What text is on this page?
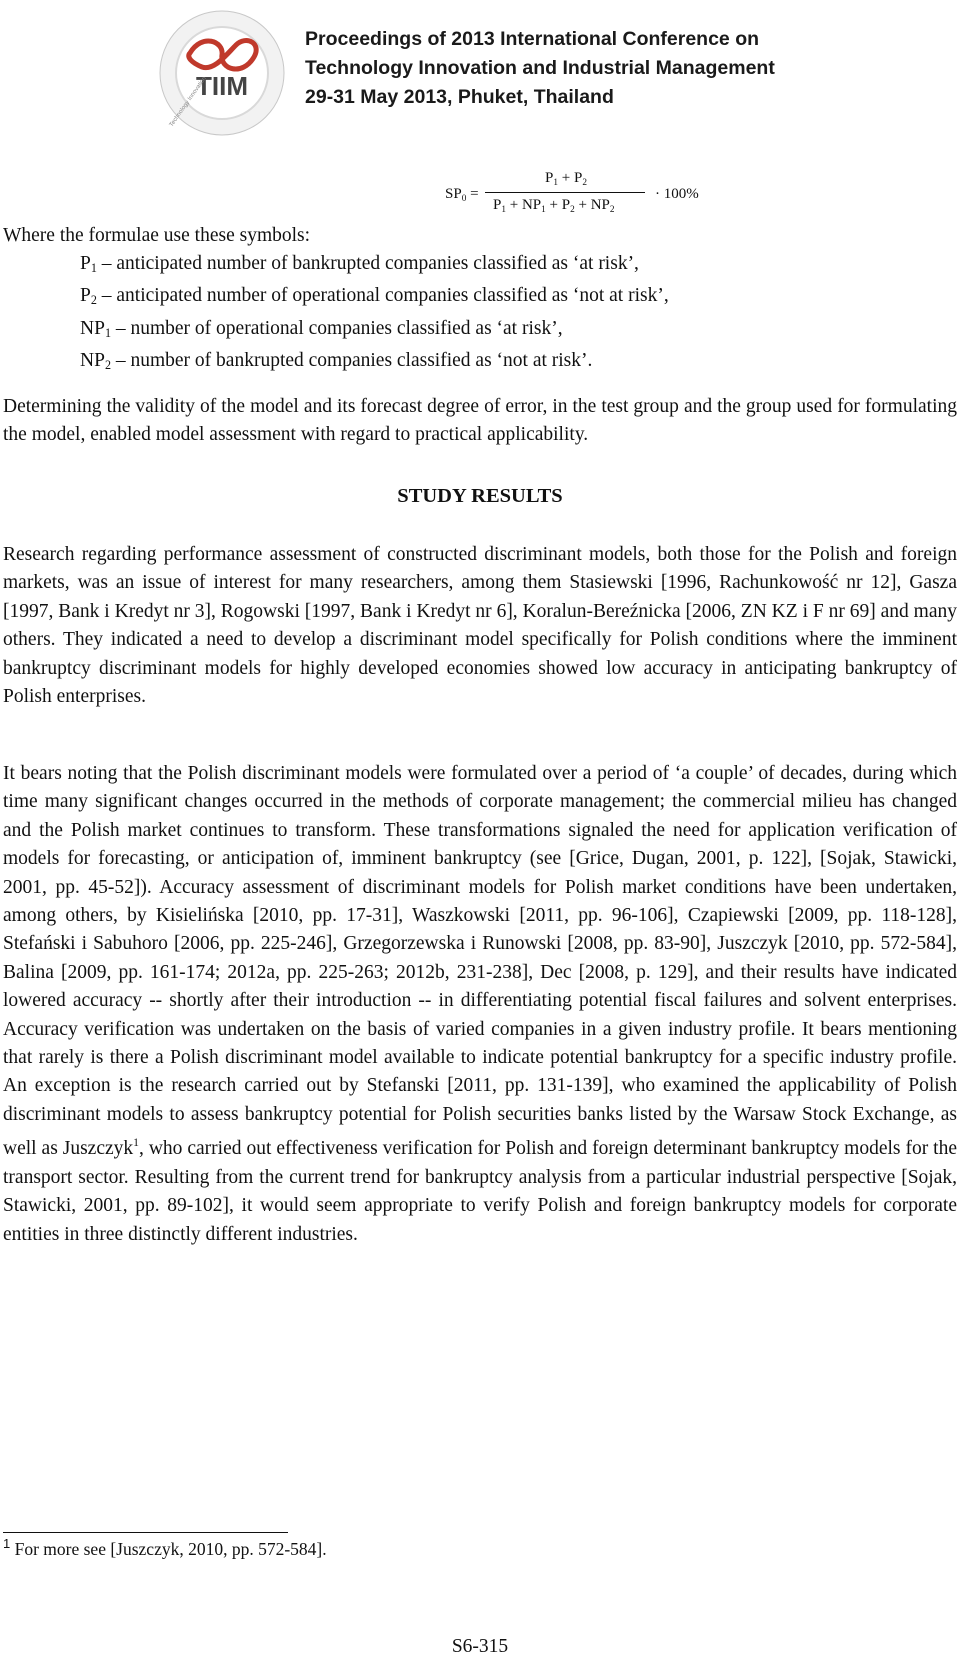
TIIM
Technology Innovation
Proceedings of 2013 International Conference on
Technology Innovation and Industrial Management
29-31 May 2013, Phuket, Thailand
$SP_0$ =
$P_1 + P_2$
$P_1 + NP_1 + P_2 + NP_2$
· 100%
Where the formulae use these symbols:
$P_1$ – anticipated number of bankrupted companies classified as ‘at risk’,
$P_2$ – anticipated number of operational companies classified as ‘not at risk’,
$NP_1$ – number of operational companies classified as ‘at risk’,
$NP_2$ – number of bankrupted companies classified as ‘not at risk’.
Determining the validity of the model and its forecast degree of error, in the test group and the group used for formulating the model, enabled model assessment with regard to practical applicability.
STUDY RESULTS
Research regarding performance assessment of constructed discriminant models, both those for the Polish and foreign markets, was an issue of interest for many researchers, among them Stasiewski [1996, Rachunkowość nr 12], Gasza [1997, Bank i Kredyt nr 3], Rogowski [1997, Bank i Kredyt nr 6], Koralun-Bereźnicka [2006, ZN KZ i F nr 69] and many others. They indicated a need to develop a discriminant model specifically for Polish conditions where the imminent bankruptcy discriminant models for highly developed economies showed low accuracy in anticipating bankruptcy of Polish enterprises.
It bears noting that the Polish discriminant models were formulated over a period of ‘a couple’ of decades, during which time many significant changes occurred in the methods of corporate management; the commercial milieu has changed and the Polish market continues to transform. These transformations signaled the need for application verification of models for forecasting, or anticipation of, imminent bankruptcy (see [Grice, Dugan, 2001, p. 122], [Sojak, Stawicki, 2001, pp. 45-52]). Accuracy assessment of discriminant models for Polish market conditions have been undertaken, among others, by Kisielińska [2010, pp. 17-31], Waszkowski [2011, pp. 96-106], Czapiewski [2009, pp. 118-128], Stefański i Sabuhoro [2006, pp. 225-246], Grzegorzewska i Runowski [2008, pp. 83-90], Juszczyk [2010, pp. 572-584], Balina [2009, pp. 161-174; 2012a, pp. 225-263; 2012b, 231-238], Dec [2008, p. 129], and their results have indicated lowered accuracy -- shortly after their introduction -- in differentiating potential fiscal failures and solvent enterprises. Accuracy verification was undertaken on the basis of varied companies in a given industry profile. It bears mentioning that rarely is there a Polish discriminant model available to indicate potential bankruptcy for a specific industry profile. An exception is the research carried out by Stefanski [2011, pp. 131-139], who examined the applicability of Polish discriminant models to assess bankruptcy potential for Polish securities banks listed by the Warsaw Stock Exchange, as well as Juszczyk$^1$, who carried out effectiveness verification for Polish and foreign determinant bankruptcy models for the transport sector. Resulting from the current trend for bankruptcy analysis from a particular industrial perspective [Sojak, Stawicki, 2001, pp. 89-102], it would seem appropriate to verify Polish and foreign bankruptcy models for corporate entities in three distinctly different industries.
$^1$ For more see [Juszczyk, 2010, pp. 572-584].
S6-315
